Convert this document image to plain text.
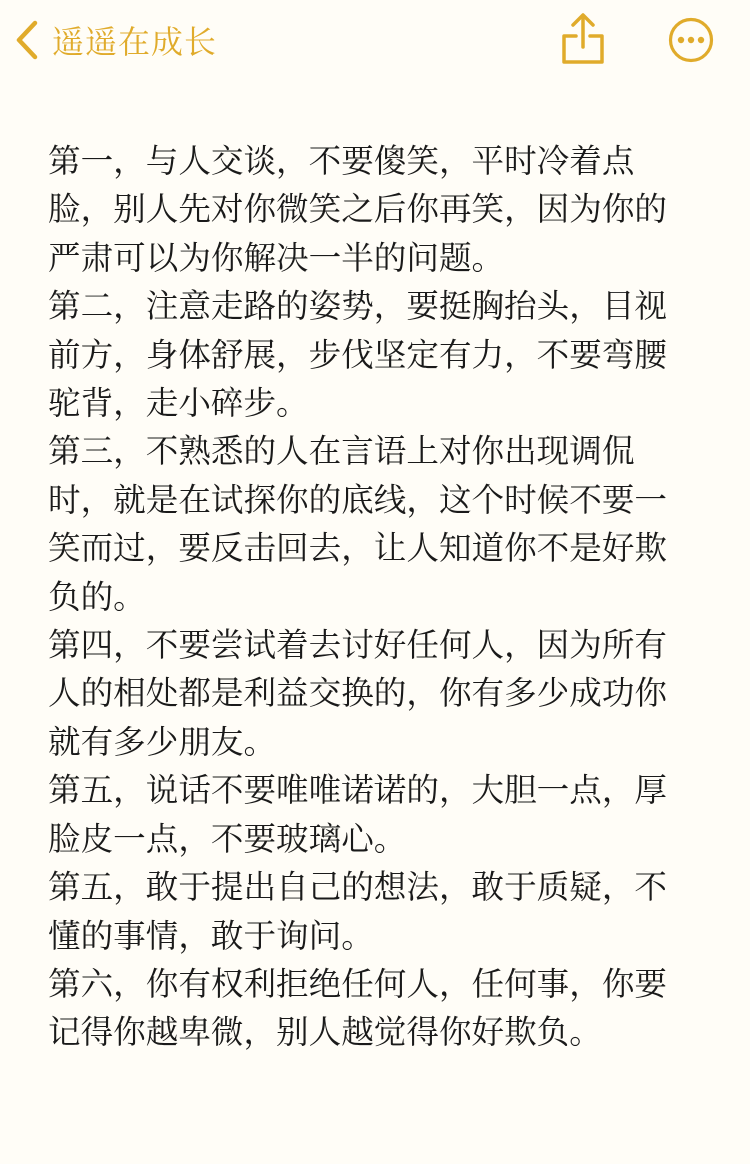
遥遥在成长

第一，与人交谈，不要傻笑，平时冷着点脸，别人先对你微笑之后你再笑，因为你的严肃可以为你解决一半的问题。

第二，注意走路的姿势，要挺胸抬头，目视前方，身体舒展，步伐坚定有力，不要弯腰驼背，走小碎步。

第三，不熟悉的人在言语上对你出现调侃时，就是在试探你的底线，这个时候不要一笑而过，要反击回去，让人知道你不是好欺负的。

第四，不要尝试着去讨好任何人，因为所有人的相处都是利益交换的，你有多少成功你就有多少朋友。

第五，说话不要唯唯诺诺的，大胆一点，厚脸皮一点，不要玻璃心。

第五，敢于提出自己的想法，敢于质疑，不懂的事情，敢于询问。

第六，你有权利拒绝任何人，任何事，你要记得你越卑微，别人越觉得你好欺负。
